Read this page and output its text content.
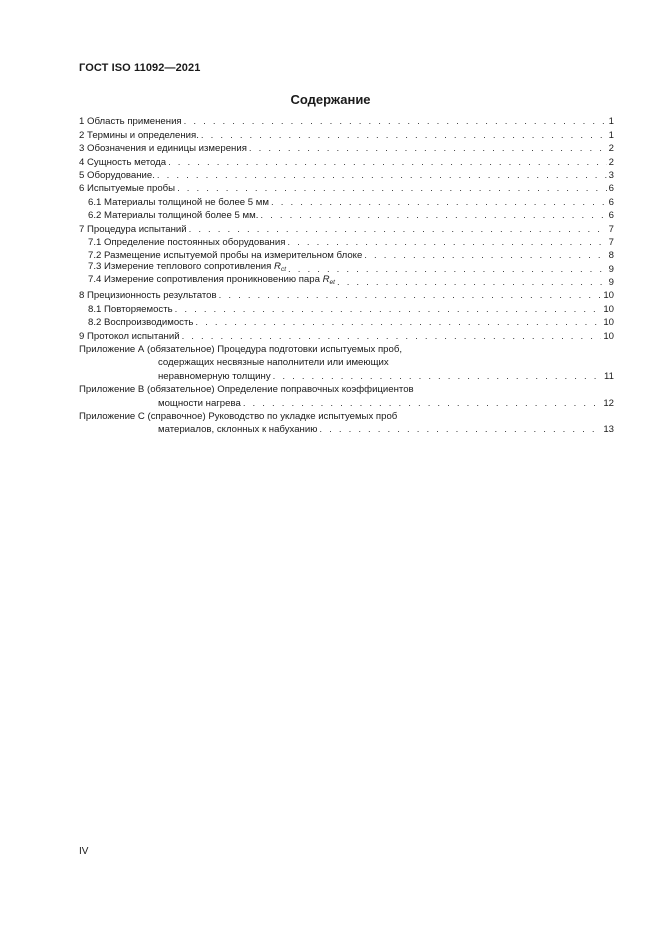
ГОСТ ISO 11092—2021
Содержание
1 Область применения . . .	1
2 Термины и определения. . . .	1
3 Обозначения и единицы измерения . . .	2
4 Сущность метода . . .	2
5 Оборудование. . . .	3
6 Испытуемые пробы . . .	6
6.1 Материалы толщиной не более 5 мм . . .	6
6.2 Материалы толщиной более 5 мм. . . .	6
7 Процедура испытаний . . .	7
7.1 Определение постоянных оборудования . . .	7
7.2 Размещение испытуемой пробы на измерительном блоке . . .	8
7.3 Измерение теплового сопротивления $R_{ct}$ . . .	9
7.4 Измерение сопротивления проникновению пара $R_{et}$ . . .	9
8 Прецизионность результатов . . .	10
8.1 Повторяемость . . .	10
8.2 Воспроизводимость . . .	10
9 Протокол испытаний . . .	10
Приложение А (обязательное) Процедура подготовки испытуемых проб,
содержащих несвязные наполнители или имеющих
неравномерную толщину . . .	11
Приложение В (обязательное) Определение поправочных коэффициентов
мощности нагрева . . .	12
Приложение С (справочное) Руководство по укладке испытуемых проб
материалов, склонных к набуханию . . .	13
IV
